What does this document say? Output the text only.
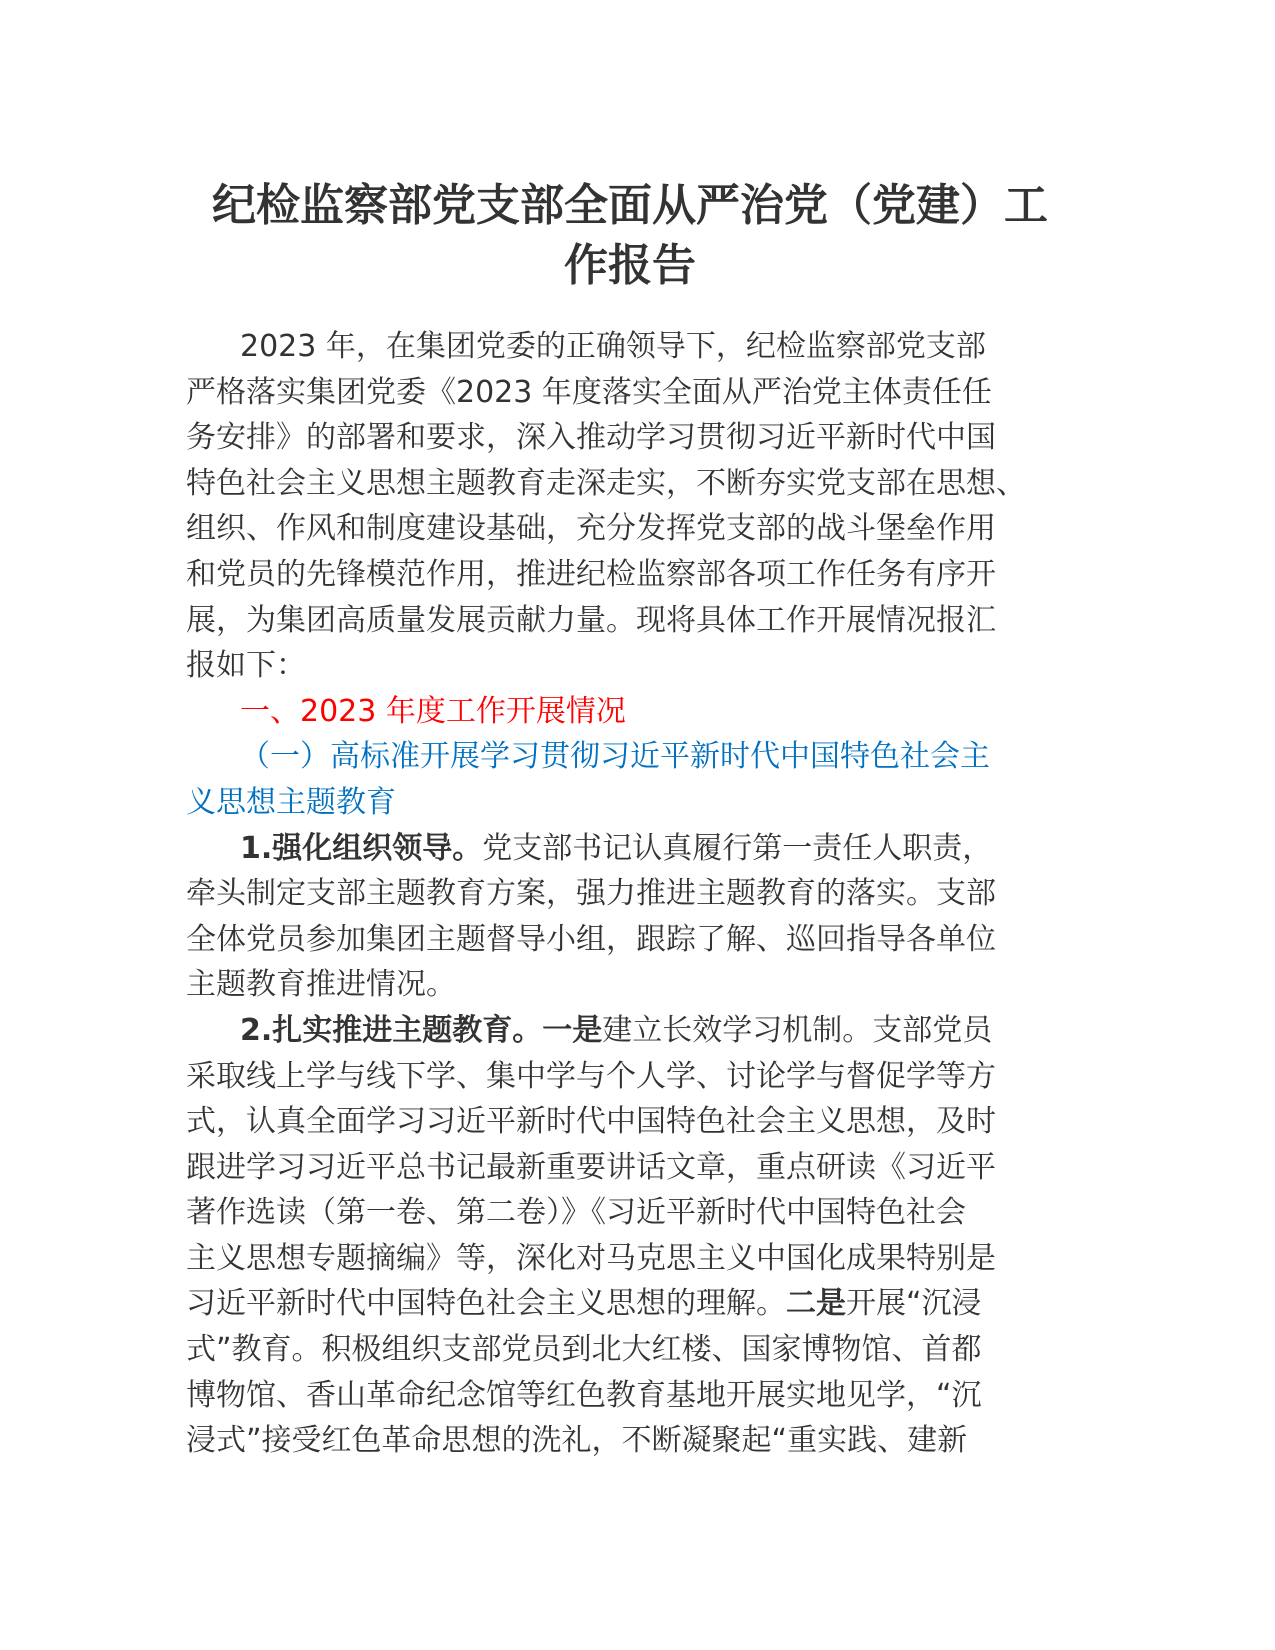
纪检监察部党支部全面从严治党（党建）工
作报告
2023 年，在集团党委的正确领导下，纪检监察部党支部
严格落实集团党委《2023 年度落实全面从严治党主体责任任
务安排》的部署和要求，深入推动学习贯彻习近平新时代中国
特色社会主义思想主题教育走深走实，不断夯实党支部在思想、
组织、作风和制度建设基础，充分发挥党支部的战斗堡垒作用
和党员的先锋模范作用，推进纪检监察部各项工作任务有序开
展，为集团高质量发展贡献力量。现将具体工作开展情况报汇
报如下：
一、2023 年度工作开展情况
（一）高标准开展学习贯彻习近平新时代中国特色社会主
义思想主题教育
1.强化组织领导。党支部书记认真履行第一责任人职责，
牵头制定支部主题教育方案，强力推进主题教育的落实。支部
全体党员参加集团主题督导小组，跟踪了解、巡回指导各单位
主题教育推进情况。
2.扎实推进主题教育。一是建立长效学习机制。支部党员
采取线上学与线下学、集中学与个人学、讨论学与督促学等方
式，认真全面学习习近平新时代中国特色社会主义思想，及时
跟进学习习近平总书记最新重要讲话文章，重点研读《习近平
著作选读（第一卷、第二卷）》《习近平新时代中国特色社会
主义思想专题摘编》等，深化对马克思主义中国化成果特别是
习近平新时代中国特色社会主义思想的理解。二是开展“沉浸
式”教育。积极组织支部党员到北大红楼、国家博物馆、首都
博物馆、香山革命纪念馆等红色教育基地开展实地见学，“沉
浸式”接受红色革命思想的洗礼，不断凝聚起“重实践、建新
